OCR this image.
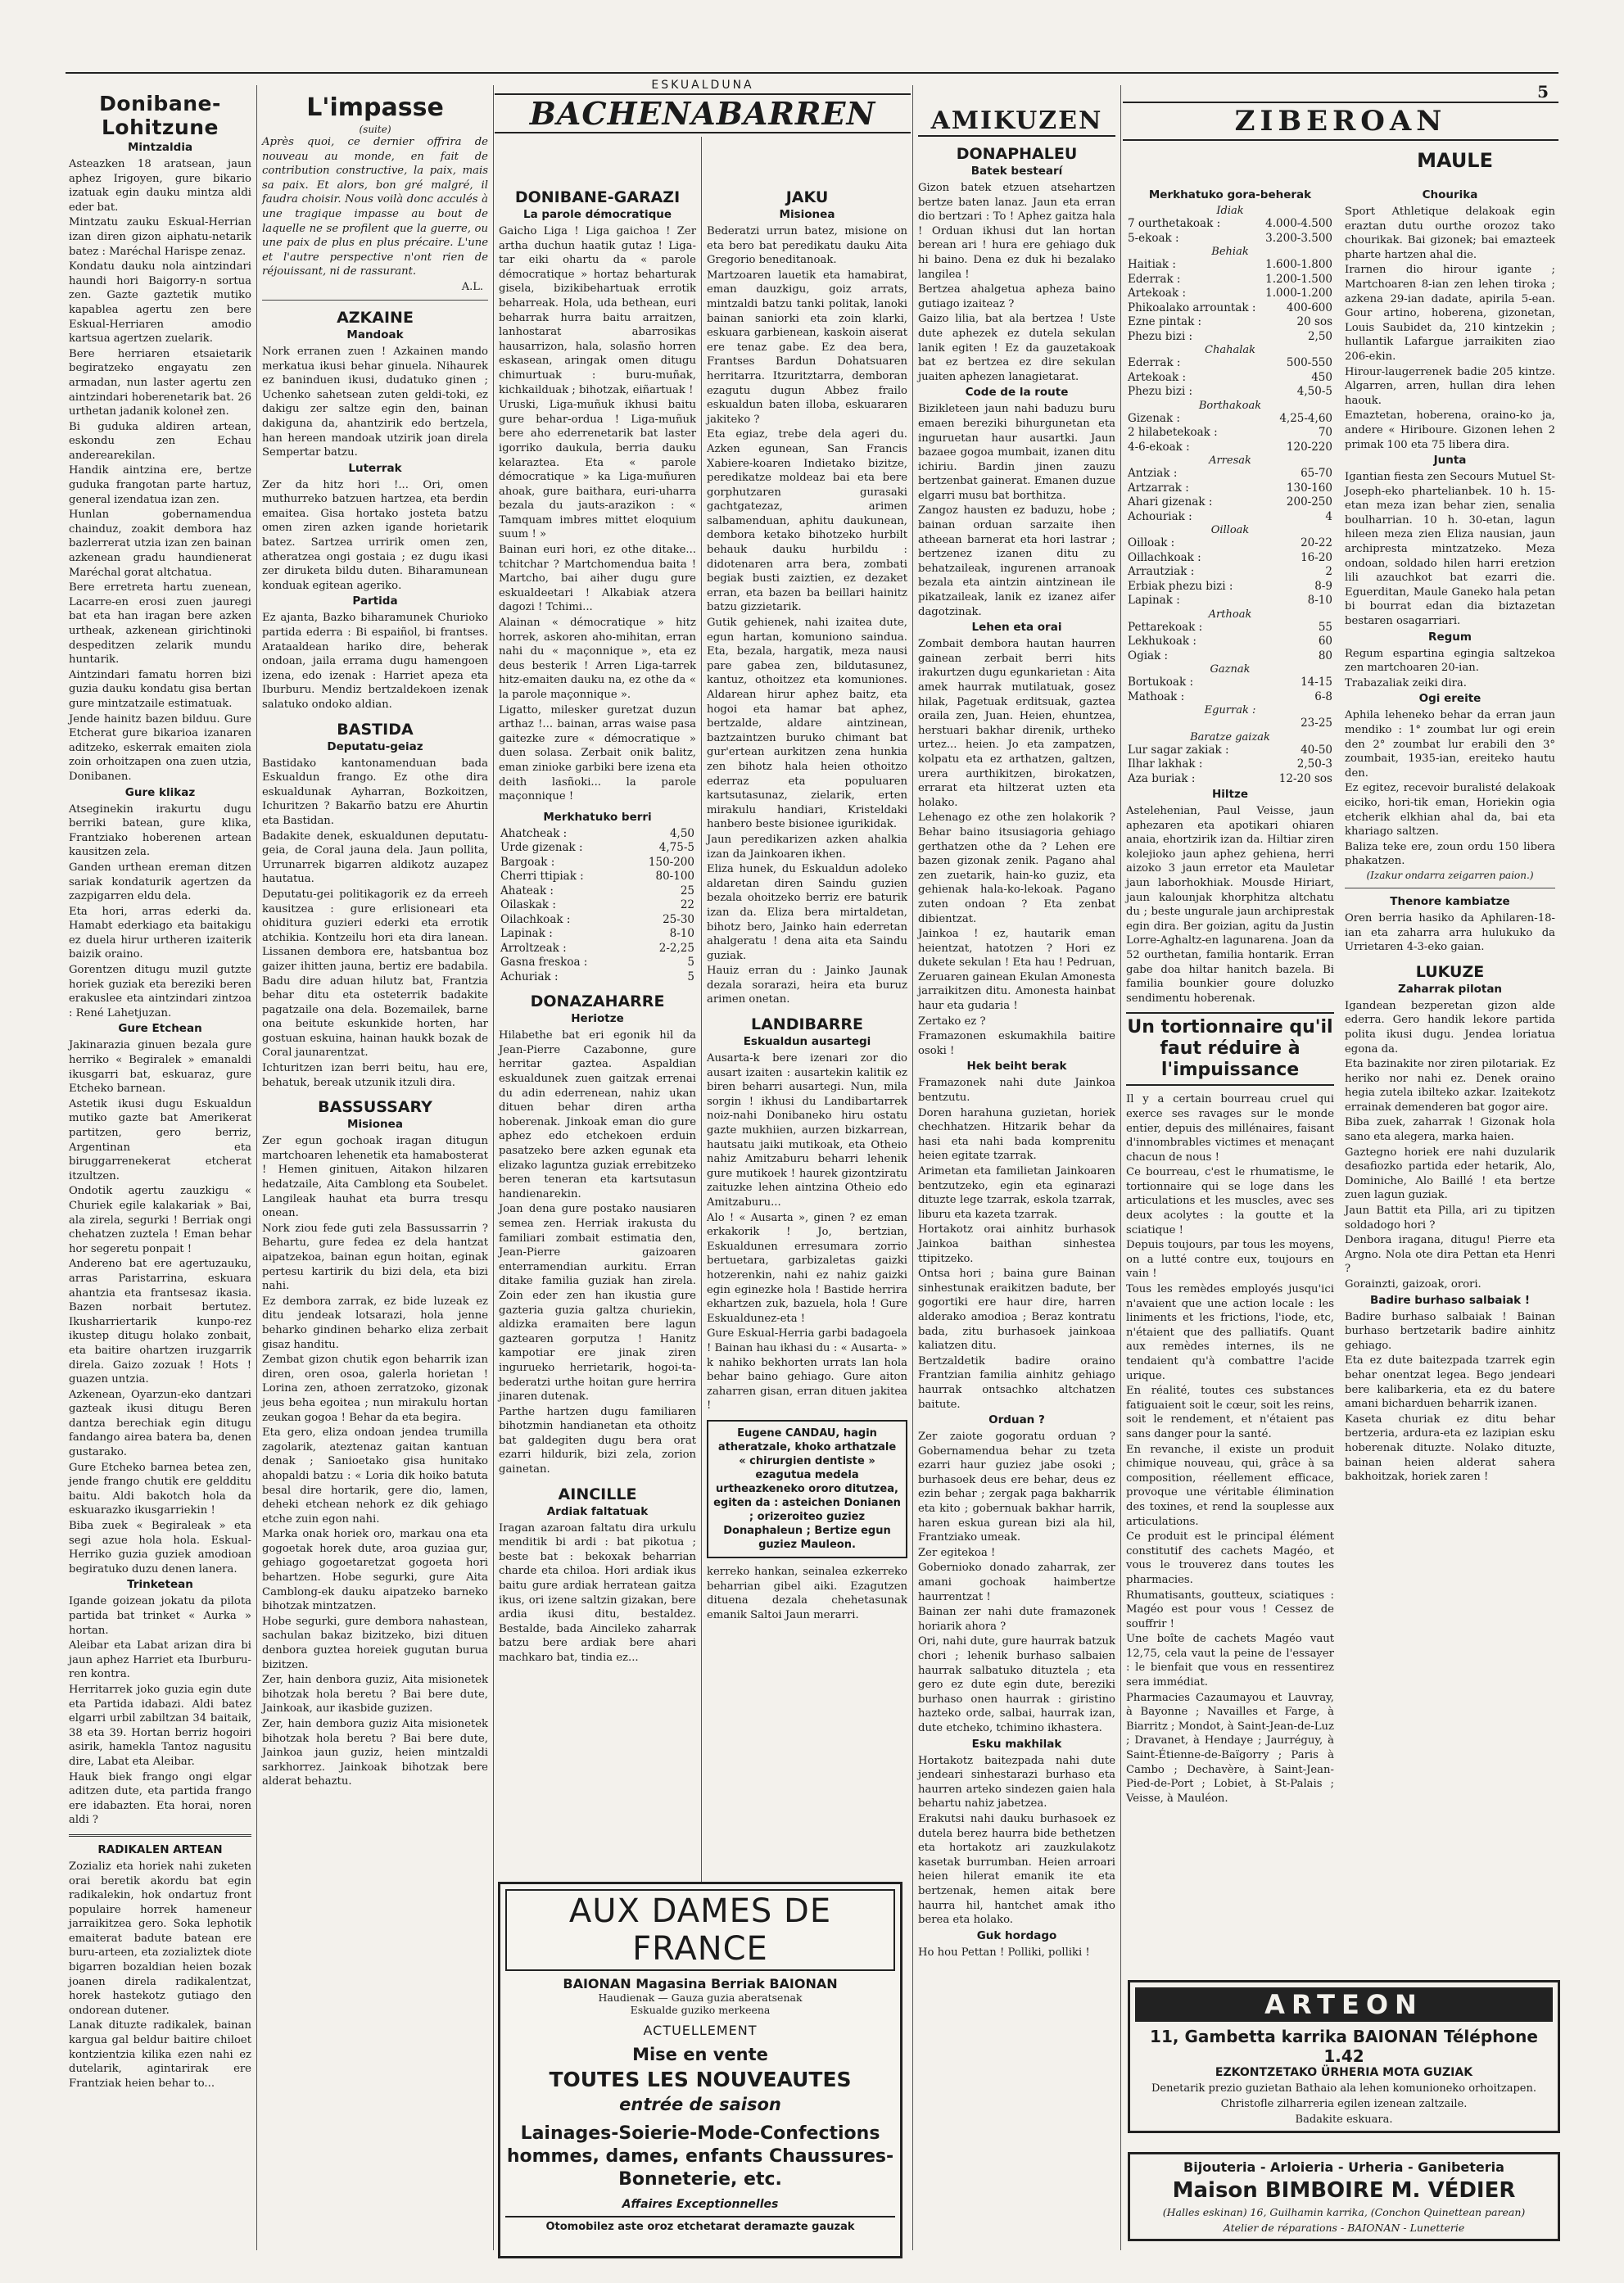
5
Donibane-Lohitzune
Mintzaldia

Asteazken 18 aratsean, jaun aphez Irigoyen, gure bikario izatuak egin dauku mintza aldi eder bat.

Mintzatu zauku Eskual-Herrian izan diren gizon aiphatu-netarik batez : Maréchal Harispe zenaz.

Kondatu dauku nola aintzindari haundi hori Baigorry-n sortua zen. Gazte gaztetik mutiko kapablea agertu zen bere Eskual-Herriaren amodio kartsua agertzen zuelarik.

Bere herriaren etsaietarik begiratzeko engayatu zen armadan, nun laster agertu zen aintzindari hoberenetarik bat. 26 urthetan jadanik koloneł zen.

Bi guduka aldiren artean, eskondu zen Echau anderearekilan.

Handik aintzina ere, bertze guduka frangotan parte hartuz, general izendatua izan zen.

Hunlan gobernamendua chainduz, zoakit dembora haz bazlerrerat utzia izan zen bainan azkenean gradu haundienerat Maréchal gorat altchatua.

Bere erretreta hartu zuenean, Lacarre-en erosi zuen jauregi bat eta han iragan bere azken urtheak, azkenean girichtinoki despeditzen zelarik mundu huntarik.

Aintzindari famatu horren bizi guzia dauku kondatu gisa bertan gure mintzatzaile estimatuak.

Jende hainitz bazen bilduu. Gure Etcherat gure bikarioa izanaren aditzeko, eskerrak emaiten ziola zoin orhoitzapen ona zuen utzia, Donibanen.

Gure klikaz

Atseginekin irakurtu dugu berriki batean, gure klika, Frantziako hoberenen artean kausitzen zela.

Ganden urthean ereman ditzen sariak kondaturik agertzen da zazpigarren eldu dela.

Eta hori, arras ederki da. Hamabt ederkiago eta baitakigu ez duela hirur urtheren izaiterik baizik oraino.

Gorentzen ditugu muzil gutzte horiek guziak eta bereziki beren erakuslee eta aintzindari zintzoa : René Lahetjuzan.

Gure Etchean

Jakinarazia ginuen bezala gure herriko « Begiralek » emanaldi ikusgarri bat, eskuaraz, gure Etcheko barnean.

Astetik ikusi dugu Eskualdun mutiko gazte bat Amerikerat partitzen, gero berriz, Argentinan eta biruggarrenekerat etcherat itzultzen.

Ondotik agertu zauzkigu « Churiek egile kalakariak » Bai, ala zirela, segurki ! Berriak ongi chehatzen zuztela ! Eman behar hor segeretu ponpait !

Andereno bat ere agertuzauku, arras Paristarrina, eskuara ahantzia eta frantsesaz ikasia. Bazen norbait bertutez. Ikusharriertarik kunpo-rez ikustep ditugu holako zonbait, eta baitire ohartzen iruzgarrik direla. Gaizo zozuak ! Hots ! guazen untzia.

Azkenean, Oyarzun-eko dantzari gazteak ikusi ditugu Beren dantza berechiak egin ditugu fandango airea batera ba, denen gustarako.

Gure Etcheko barnea betea zen, jende frango chutik ere geldditu baitu. Aldi bakotch hola da eskuarazko ikusgarriekin !

Biba zuek « Begiraleak » eta segi azue hola hola. Eskual-Herriko guzia guziek amodioan begiratuko duzu denen lanera.

Trinketean

Igande goizean jokatu da pilota partida bat trinket « Aurka » hortan.

Aleibar eta Labat arizan dira bi jaun aphez Harriet eta Iburburu-ren kontra.

Herritarrek joko guzia egin dute eta Partida idabazi. Aldi batez elgarri urbil zabiltzan 34 baitaik, 38 eta 39. Hortan berriz hogoiri asirik, hamekla Tantoz nagusitu dire, Labat eta Aleibar.

Hauk biek frango ongi elgar aditzen dute, eta partida frango ere idabazten. Eta horai, noren aldi ?

RADIKALEN ARTEAN

Zozializ eta horiek nahi zuketen orai beretik akordu bat egin radikalekin, hok ondartuz front populaire horrek hameneur jarraikitzea gero. Soka lephotik emaiterat badute batean ere buru-arteen, eta zozializtek diote bigarren bozaldian heien bozak joanen direla radikalentzat, horek hastekotz gutiago den ondorean dutener.

Lanak dituzte radikalek, bainan kargua gal beldur baitire chiloet kontzientzia kilika ezen nahi ez dutelarik, agintarirak ere Frantziak heien behar to...

L'impasse
(suite)

Après quoi, ce dernier offrira de nouveau au monde, en fait de contribution constructive, la paix, mais sa paix. Et alors, bon gré malgré, il faudra choisir. Nous voilà donc acculés à une tragique impasse au bout de laquelle ne se profilent que la guerre, ou une paix de plus en plus précaire. L'une et l'autre perspective n'ont rien de réjouissant, ni de rassurant.

A.L.
AZKAINE
Mandoak

Nork erranen zuen ! Azkainen mando merkatua ikusi behar ginuela. Nihaurek ez baninduen ikusi, dudatuko ginen ; Uchenko sahetsean zuten geldi-toki, ez dakigu zer saltze egin den, bainan dakiguna da, ahantzirik edo bertzela, han hereen mandoak utzirik joan direla Sempertar batzu.

Luterrak

Zer da hitz hori !... Ori, omen muthurreko batzuen hartzea, eta berdin emaitea. Gisa hortako josteta batzu omen ziren azken igande horietarik batez. Sartzea urririk omen zen, atheratzea ongi gostaia ; ez dugu ikasi zer diruketa bildu duten. Biharamunean konduak egitean agerikо.

Partida

Ez ajanta, Bazko biharamunek Churioko partida ederra : Bi espaiñol, bi frantses. Arataaldean hariko dire, beherak ondoan, jaila errama dugu hamengoen izena, edo izenak : Harriet apeza eta Iburburu. Mendiz bertzaldekoen izenak salatuko ondoko aldian.

BASTIDA
Deputatu-geiaz

Bastidako kantonamenduan bada Eskualdun frango. Ez othe dira eskualdunak Ayharran, Bozkoitzen, Ichuritzen ? Bakarño batzu ere Ahurtin eta Bastidan.

Badakite denek, eskualdunen deputatu-geia, de Coral jauna dela. Jaun pollita, Urrunarrek bigarren aldikotz auzapez hautatua.

Deputatu-gei politikagorik ez da erreeh kausitzea : gure erlisioneari eta ohiditura guzieri ederki eta errotik atchikia. Kontzeilu hori eta dira lanean. Lissanen dembora ere, hatsbantua boz gaizer ihitten jauna, bertiz ere badabila. Badu dire aduan hilutz bat, Frantzia behar ditu eta osteterrik badakite pagatzaile ona dela. Bozemailek, barne ona beitute eskunkide horten, har gostuan eskuina, hainan haukk bozak de Coral jaunarentzat.

Ichturitzen izan berri beitu, hau ere, behatuk, bereak utzunik itzuli dira.

BASSUSSARY
Misionea

Zer egun gochoak iragan ditugun martchoaren lehenetik eta hamabosterat ! Hemen ginituen, Aitakon hilzaren hedatzaile, Aita Camblong eta Soubelet. Langileak hauhat eta burra tresqu onean.

Nork ziou fede guti zela Bassussarrin ? Behartu, gure fedea ez dela hantzat aipatzekoa, bainan egun hoitan, eginak pertesu kartirik du bizi dela, eta bizi nahi.

Ez dembora zarrak, ez bide luzeak ez ditu jendeak lotsarazi, hola jenne beharko gindinen beharko eliza zerbait gisaz handitu.

Zembat gizon chutik egon beharrik izan diren, oren osoa, galerla horietan ! Lorina zen, athoen zerratzoko, gizonak jeus beha egoitea ; nun mirakulu hortan zeukan gogoa ! Behar da eta begira.

Eta gero, eliza ondoan jendea trumilla zagolarik, ateztenaz gaitan kantuan denak ; Sanioetako gisa hunitako ahopaldi batzu : « Loria dik hoiko batuta besal dire hortarik, gere dio, lamen, deheki etchean nehork ez dik gehiago etche zuin egon nahi.

Marka onak horiek oro, markau ona eta gogoetak horek dute, aroa guziaa gur, gehiago gogoetaretzat gogoeta hori behartzen. Hobe segurki, gure Aita Camblong-ek dauku aipatzeko barneko bihotzak mintzatzen.

Hobe segurki, gure dembora nahastean, sachulan bakaz bizitzeko, bizi dituen denbora guztea horeiek gugutan burua bizitzen.

Zer, hain denbora guziz, Aita misionetek bihotzak hola beretu ? Bai bere dute, Jainkoak, aur ikasbide guzizen.

Zer, hain dembora guziz Aita misionetek bihotzak hola beretu ? Bai bere dute, Jainkoa jaun guziz, heien mintzaldi sarkhorrez. Jainkoak bihotzak bere alderat behaztu.

DONIBANE-GARAZI
La parole démocratique

Gaicho Liga ! Liga gaichoa ! Zer artha duchun haatik gutaz ! Liga-tar eiki ohartu da « parole démocratique » hortaz beharturak gisela, bizikibehartuak errotik beharreak. Hola, uda bethean, euri beharrak hurra baitu arraitzen, lanhostarat abarrosikas hausarrizon, hala, solasño horren eskasean, aringak omen ditugu chimurtuak : buru-muñak, kichkailduak ; bihotzak, eiñartuak !

Uruski, Liga-muñuk ikhusi baitu gure behar-ordua ! Liga-muñuk bere aho ederrenetarik bat laster igorriko daukula, berria dauku kelaraztea. Eta « parole démocratique » ka Liga-muñuren ahoak, gure baithara, euri-uharra bezala du jauts-arazikon : « Tamquam imbres mittet eloquium suum ! »

Bainan euri hori, ez othe ditake... tchitchar ? Martchomendua baita ! Martcho, bai aiher dugu gure eskualdeetari ! Alkabiak atzera dagozi ! Tchimi...

Alainan « démocratique » hitz horrek, askoren aho-mihitan, erran nahi du « maçonnique », eta ez deus besterik ! Arren Liga-tarrek hitz-emaiten dauku na, ez othe da « la parole maçonnique ».

Ligatto, milesker guretzat duzun arthaz !... bainan, arras waise pasa gaitezke zure « démocratique » duen solasa. Zerbait onik balitz, eman zinioke garbiki bere izena eta deith lasñoki... la parole maçonnique !

Merkhatuko berri
Ahatcheak :	4,50
Urde gizenak :	4,75-5
Bargoak :	150-200
Cherri ttipiak :	80-100
Ahateak :	25
Oilaskak :	22
Oilachkoak :	25-30
Lapinak :	8-10
Arroltzeak :	2-2,25
Gasna freskoa :	5
Achuriak :	5
DONAZAHARRE
Heriotze

Hilabethe bat eri egonik hil da Jean-Pierre Cazabonne, gure herritar gaztea. Aspaldian eskualdunek zuen gaitzak errenai du adin ederrenean, nahiz ukan dituen behar diren artha hoberenak. Jinkoak eman dio gure aphez edo etchekoen erduin pasatzeko bere azken egunak eta elizako laguntza guziak errebitzeko beren teneran eta kartsutasun handienarekin.

Joan dena gure postako nausiaren semea zen. Herriak irakusta du familiari zombait estimatia den, Jean-Pierre gaizoaren enterramendian aurkitu. Erran ditake familia guziak han zirela. Zoin eder zen han ikustia gure gazteria guzia galtza churiekin, aldizka eramaiten bere lagun gaztearen gorputza ! Hanitz kampotiar ere jinak ziren ingurueko herrietarik, hogoi-ta-bederatzi urthe hoitan gure herrira jinaren dutenak.

Parthe hartzen dugu familiaren bihotzmin handianetan eta othoitz bat galdegiten dugu bera orat ezarri hildurik, bizi zela, zorion gainetan.

AINCILLE
Ardiak faltatuak

Iragan azaroan faltatu dira urkulu menditik bi ardi : bat pikotua ; beste bat : bekoxak beharrian charde eta chiloa. Hori ardiak ikus baitu gure ardiak herratean gaitza ikus, ori izene saltzin gizakan, bere ardia ikusi ditu, bestaldez. Bestalde, bada Aincileko zaharrak batzu bere ardiak bere ahari machkaro bat, tindia ez...

ESKUALDUNA
BACHENABARREN
JAKU
Misionea

Bederatzi urrun batez, misione on eta bero bat peredikatu dauku Aita Gregorio beneditanoak.

Martzoaren lauetik eta hamabirat, eman dauzkigu, goiz arrats, mintzaldi batzu tanki politak, lanoki bainan saniorki eta zoin klarki, eskuara garbienean, kaskoin aiserat ere tenaz gabe. Ez dea bera, Frantses Bardun Dohatsuaren herritarra. Itzuritztarra, demboran ezagutu dugun Abbez frailo eskualdun baten illoba, eskuararen jakiteko ?

Eta egiaz, trebe dela ageri du. Azken egunean, San Francis Xabiere-koaren Indietako bizitze, peredikatze moldeaz bai eta bere gorphutzaren gurasaki gachtgatezaz, arimen salbamenduan, aphitu daukunean, dembora ketako bihotzeko hurbilt behauk dauku hurbildu : didotenaren arra bera, zombati begiak busti zaiztien, ez dezaket erran, eta bazen ba beillari hainitz batzu gizzietarik.

Gutik gehienek, nahi izaitea dute, egun hartan, komuniono saindua. Eta, bezala, hargatik, meza nausi pare gabea zen, bildutasunez, kantuz, othoitzez eta komuniones. Aldarean hirur aphez baitz, eta hogoi eta hamar bat aphez, bertzalde, aldare aintzinean, baztzaintzen buruko chimant bat gur'ertean aurkitzen zena hunkia zen bihotz hala heien othoitzo ederraz eta populuaren kartsutasunaz, zielarik, erten mirakulu handiari, Kristeldaki hanbero beste bisionee igurikidak.

Jaun peredikarizen azken ahalkia izan da Jainkoaren ikhen.

Eliza hunek, du Eskualdun adoleko aldaretan diren Saindu guzien bezala ohoitzeko berriz ere baturik izan da. Eliza bera mirtaldetan, bihotz bero, Jainko hain ederretan ahalgeratu ! dena aita eta Saindu guziak.

Hauiz erran du : Jainko Jaunak dezala sorarazi, heira eta buruz arimen onetan.

LANDIBARRE
Eskualdun ausartegi

Ausarta-k bere izenari zor dio ausart izaiten : ausartekin kalitik ez biren beharri ausartegi. Nun, mila sorgin ! ikhusi du Landibartarrek noiz-nahi Donibaneko hiru ostatu gazte mukhiien, aurzen bizkarrean, hautsatu jaiki mutikoak, eta Otheio nahiz Amitzaburu beharri lehenik gure mutikoek ! haurek gizontziratu zaituzke lehen aintzina Otheio edo Amitzaburu...

Alo ! « Ausarta », ginen ? ez eman erkakorik ! Jo, bertzian, Eskualdunen erresumara zorrio bertuetara, garbizaletas gaizki hotzerenkin, nahi ez nahiz gaizki egin eginezke hola ! Bastide herrira ekhartzen zuk, bazuela, hola ! Gure Eskualdunez-eta !

Gure Eskual-Herria garbi badagoela ! Bainan hau ikhasi du : « Ausarta- » k nahiko bekhorten urrats lan hola behar baino gehiago. Gure aiton zaharren gisan, erran dituen jakitea !

Eugene CANDAU, hagin atheratzale, khoko arthatzale « chirurgien dentiste » ezagutua medela urtheazkeneko ororo ditutzea, egiten da : asteichen Donianen ; orizeroiteo guziez Donaphaleun ; Bertize egun guziez Mauleon.

kerreko hankan, seinalea ezkerreko beharrian gibel aiki. Ezagutzen dituena dezala chehetasunak emanik Saltoi Jaun merarri.

AUX DAMES DE FRANCE
BAIONAN Magasina Berriak BAIONAN
Haudienak — Gauza guzia aberatsenak
Eskualde guziko merkeena
ACTUELLEMENT
Mise en vente
TOUTES LES NOUVEAUTES
entrée de saison
Lainages-Soierie-Mode-Confections hommes, dames, enfants Chaussures-Bonneterie, etc.
Affaires Exceptionnelles
Otomobilez aste oroz etchetarat deramazte gauzak
AMIKUZEN
DONAPHALEU
Batek bestearí

Gizon batek etzuen atsehartzen bertze baten lanaz. Jaun eta erran dio bertzari : To ! Aphez gaitza hala ! Orduan ikhusi dut lan hortan berean ari ! hura ere gehiago duk hi baino. Dena ez duk hi bezalako langilea !

Bertzea ahalgetua apheza baino gutiago izaiteaz ?

Gaizo lilia, bat ala bertzea ! Uste dute aphezek ez dutela sekulan lanik egiten ! Ez da gauzetakoak bat ez bertzea ez dire sekulan juaiten aphezen lanagietarat.

Code de la route

Bizikleteen jaun nahi baduzu buru emaen bereziki bihurgunetan eta inguruetan haur ausartki. Jaun bazaee gogoa mumbait, izanen ditu ichiriu. Bardin jinen zauzu bertzenbat gainerat. Emanen duzue elgarri musu bat borthitza.

Zangoz hausten ez baduzu, hobe ; bainan orduan sarzaite ihen atheean barnerat eta hori lastrar ; bertzenez izanen ditu zu behatzaileak, ingurenen arranoak bezala eta aintzin aintzinean ile pikatzaileak, lanik ez izanez aifer dagotzinak.

Lehen eta orai

Zombait dembora hautan haurren gainean zerbait berri hits irakurtzen dugu egunkarietan : Aita amek haurrak mutilatuak, gosez hilak, Pagetuak erditsuak, gaztea oraila zen, Juan. Heien, ehuntzea, herstuari bakhar direnik, urtheko urtez... heien. Jo eta zampatzen, kolpatu eta ez arthatzen, galtzen, urera aurthikitzen, birokatzen, errarat eta hiltzerat uzten eta holako.

Lehenago ez othe zen holakorik ? Behar baino itsusiagoria gehiago gerthatzen othe da ? Lehen ere bazen gizonak zenik. Pagano ahal zen zuetarik, hain-ko guziz, eta gehienak hala-ko-lekoak. Pagano zuten ondoan ? Eta zenbat dibientzat.

Jainkoa ! ez, hautarik eman heientzat, hatotzen ? Hori ez dukete sekulan ! Eta hau ! Pedruan, Zeruaren gainean Ekulan Amonesta jarraikitzen ditu. Amonesta hainbat haur eta gudaria !

Zertako ez ?

Framazonen eskumakhila baitire osoki !

Hek beiht berak

Framazonek nahi dute Jainkoa bentzutu.

Doren harahuna guzietan, horiek chechhatzen. Hitzarik behar da hasi eta nahi bada komprenitu heien egitate tzarrak.

Arimetan eta familietan Jainkoaren bentzutzeko, egin eta eginarazi dituzte lege tzarrak, eskola tzarrak, liburu eta kazeta tzarrak.

Hortakotz orai ainhitz burhasok Jainkoa baithan sinhestea ttipitzeko.

Ontsa hori ; baina gure Bainan sinhestunak eraikitzen badute, ber gogortiki ere haur dire, harren alderako amodioa ; Beraz kontratu bada, zitu burhasoek jainkoaa kaliatzen ditu.

Bertzaldetik badire oraino Frantzian familia ainhitz gehiago haurrak ontsachko altchatzen baitute.

Orduan ?

Zer zaiote gogoratu orduan ? Gobernamendua behar zu tzeta ezarri haur guziez jabe osoki ; burhasoek deus ere behar, deus ez ezin behar ; zergak paga bakharrik eta kito ; gobernuak bakhar harrik, haren eskua gurean bizi ala hil, Frantziako umeak.

Zer egitekoa !

Gobernioko donado zaharrak, zer amani gochoak haimbertze haurrentzat !

Bainan zer nahi dute framazonek horiarik ahora ?

Ori, nahi dute, gure haurrak batzuk chori ; lehenik burhaso salbaien haurrak salbatuko dituztela ; eta gero ez dute egin dute, bereziki burhaso onen haurrak : giristino hazteko orde, salbai, haurrak izan, dute etcheko, tchimino ikhastera.

Esku makhilak

Hortakotz baitezpada nahi dute jendeari sinhestarazi burhaso eta haurren arteko sindezen gaien hala behartu nahiz jabetzea.

Erakutsi nahi dauku burhasoek ez dutela berez haurra bide bethetzen eta hortakotz ari zauzkulakotz kasetak burrumban. Heien arroari heien hilerat emanik ite eta bertzenak, hemen aitak bere haurra hil, hantchet amak itho berea eta holako.

Guk hordago

Ho hou Pettan ! Polliki, polliki !

ZIBEROAN
MAULE
Merkhatuko gora-beherak
Idiak
7 ourthetakoak :	4.000-4.500
5-ekoak :	3.200-3.500
Behiak
Haitiak :	1.600-1.800
Ederrak :	1.200-1.500
Artekoak :	1.000-1.200
Phikoalako arrountak :	400-600
Ezne pintak :	20 sos
Phezu bizi :	2,50
Chahalak
Ederrak :	500-550
Artekoak :	450
Phezu bizi :	4,50-5
Borthakoak
Gizenak :	4,25-4,60
2 hilabetekoak :	70
4-6-ekoak :	120-220
Arresak
Antziak :	65-70
Artzarrak :	130-160
Ahari gizenak :	200-250
Achouriak :	4
Oilloak
Oilloak :	20-22
Oillachkoak :	16-20
Arrautziak :	2
Erbiak phezu bizi :	8-9
Lapinak :	8-10
Arthoak
Pettarekoak :	55
Lekhukoak :	60
Ogiak :	80
Gaznak
Bortukoak :	14-15
Mathoak :	6-8
Egurrak :
	23-25
Baratze gaizak
Lur sagar zakiak :	40-50
Ilhar lakhak :	2,50-3
Aza buriak :	12-20 sos
Hiltze

Astelehenian, Paul Veisse, jaun aphezaren eta apotikari ohiaren anaia, ehortzirik izan da. Hiltiar ziren kolejioko jaun aphez gehiena, herri aizoko 3 jaun erretor eta Mauletar jaun laborhokhiak. Mousde Hiriart, jaun kalounjak khorphitza altchatu du ; beste ungurale jaun archiprestak egin dira. Ber goizian, agitu da Justin Lorre-Aghaltz-en lagunarena. Joan da 52 ourthetan, familia hontarik. Erran gabe doa hiltar hanitch bazela. Bi familia bounkier goure doluzko sendimentu hoberenak.

Un tortionnaire qu'il faut réduire à l'impuissance

Il y a certain bourreau cruel qui exerce ses ravages sur le monde entier, depuis des millénaires, faisant d'innombrables victimes et menaçant chacun de nous !

Ce bourreau, c'est le rhumatisme, le tortionnaire qui se loge dans les articulations et les muscles, avec ses deux acolytes : la goutte et la sciatique !

Depuis toujours, par tous les moyens, on a lutté contre eux, toujours en vain !

Tous les remèdes employés jusqu'ici n'avaient que une action locale : les liniments et les frictions, l'iode, etc, n'étaient que des palliatifs. Quant aux remèdes internes, ils ne tendaient qu'à combattre l'acide urique.

En réalité, toutes ces substances fatiguaient soit le cœur, soit les reins, soit le rendement, et n'étaient pas sans danger pour la santé.

En revanche, il existe un produit chimique nouveau, qui, grâce à sa composition, réellement efficace, provoque une véritable élimination des toxines, et rend la souplesse aux articulations.

Ce produit est le principal élément constitutif des cachets Magéo, et vous le trouverez dans toutes les pharmacies.

Rhumatisants, goutteux, sciatiques : Magéo est pour vous ! Cessez de souffrir !

Une boîte de cachets Magéo vaut 12,75, cela vaut la peine de l'essayer : le bienfait que vous en ressentirez sera immédiat.

Pharmacies Cazaumayou et Lauvray, à Bayonne ; Navailles et Farge, à Biarritz ; Mondot, à Saint-Jean-de-Luz ; Dravanet, à Hendaye ; Jaurréguy, à Saint-Étienne-de-Baïgorry ; Paris à Cambo ; Dechavère, à Saint-Jean-Pied-de-Port ; Lobiet, à St-Palais ; Veisse, à Mauléon.

Chourika

Sport Athletique delakoak egin eraztan dutu ourthe orozoz tako chourikak. Bai gizonek; bai emazteek pharte hartzen ahal die.

Irarnen dio hirour igante ; Martchoaren 8-ian zen lehen tiroka ; azkena 29-ian dadate, apirila 5-ean. Gour artino, hoberena, gizonetan, Louis Saubidet da, 210 kintzekin ; hullantik Lafargue jarraikiten ziao 206-ekin.

Hirour-laugerrenek badie 205 kintze. Algarren, arren, hullan dira lehen haouk.

Emaztetan, hoberena, oraino-ko ja, andere « Hiriboure. Gizonen lehen 2 primak 100 eta 75 libera dira.

Junta

Igantian fiesta zen Secours Mutuel St-Joseph-eko phartelianbek. 10 h. 15-etan meza izan behar zien, senalia boulharrian. 10 h. 30-etan, lagun hileen meza zien Eliza nausian, jaun archipresta mintzatzeko. Meza ondoan, soldado hilen harri eretzion lili azauchkot bat ezarri die. Eguerditan, Maule Ganeko hala petan bi bourrat edan dia biztazetan bestaren osagarriari.

Regum

Regum espartina egingia saltzekoa zen martchoaren 20-ian.

Trabazaliak zeiki dira.

Ogi ereite

Aphila leheneko behar da erran jaun mendiko : 1° zoumbat lur ogi erein den 2° zoumbat lur erabili den 3° zoumbait, 1935-ian, ereiteko hautu den.

Ez egitez, recevoir buralisté delakoak eiciko, hori-tik eman, Horiekin ogia etcherik elkhian ahal da, bai eta khariago saltzen.

Baliza teke ere, zoun ordu 150 libera phakatzen.

(Izakur ondarra zeigarren paion.)
Thenore kambiatze

Oren berria hasiko da Aphilaren-18-ian eta zaharra arra hulukuko da Urrietaren 4-3-eko gaian.

LUKUZE
Zaharrak pilotan

Igandean bezperetan gizon alde ederra. Gero handik lekore partida polita ikusi dugu. Jendea loriatua egona da.

Eta bazinakite nor ziren pilotariak. Ez heriko nor nahi ez. Denek oraino hegia zutela ibilteko azkar. Izaitekotz errainak demenderen bat gogor aire.

Biba zuek, zaharrak ! Gizonak hola sano eta alegera, marka haien.

Gaztegno horiek ere nahi duzularik desafiozko partida eder hetarik, Alo, Dominiche, Alo Baillé ! eta bertze zuen lagun guziak.

Jaun Battit eta Pilla, ari zu tipitzen soldadogo hori ?

Denbora iragana, ditugu! Pierre eta Argno. Nola ote dira Pettan eta Henri ?

Gorainzti, gaizoak, orori.

Badire burhaso salbaiak !

Badire burhaso salbaiak ! Bainan burhaso bertzetarik badire ainhitz gehiago.

Eta ez dute baitezpada tzarrek egin behar onentzat legea. Bego jendeari bere kalibarkeria, eta ez du batere amani bicharduen beharrik izanen.

Kaseta churiak ez ditu behar bertzeria, ardura-eta ez lazipian esku hoberenak dituzte. Nolako dituzte, bainan heien alderat sahera bakhoitzak, horiek zaren !

ARTEON
11, Gambetta karrika BAIONAN Téléphone 1.42
EZKONTZETAKO ÜRHERIA MOTA GUZIAK
Denetarik prezio guzietan Bathaio ala lehen komunioneko orhoitzapen.
Christofle zilharreria egilen izenean zaltzaile.
Badakite eskuara.
Bijouteria - Arloieria - Urheria - Ganibeteria
Maison BIMBOIRE M. VÉDIER
(Halles eskinan) 16, Guilhamin karrika, (Conchon Quinettean parean)
Atelier de réparations - BAIONAN - Lunetterie
